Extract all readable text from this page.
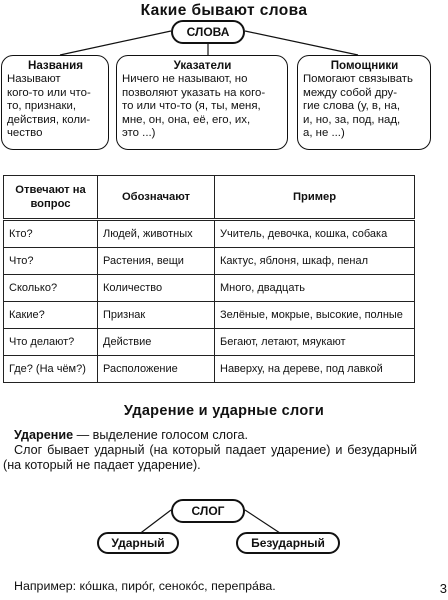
Какие бывают слова
СЛОВА
Названия
Называют
кого-то или что-
то, признаки,
действия, коли-
чество
Указатели
Ничего не называют, но
позволяют указать на кого-
то или что-то (я, ты, меня,
мне, он, она, её, его, их,
это ...)
Помощники
Помогают связывать
между собой дру-
гие слова (у, в, на,
и, но, за, под, над,
а, не ...)
Отвечают на вопрос	Обозначают	Пример
Кто?	Людей, животных	Учитель, девочка, кошка, собака
Что?	Растения, вещи	Кактус, яблоня, шкаф, пенал
Сколько?	Количество	Много, двадцать
Какие?	Признак	Зелёные, мокрые, высокие, полные
Что делают?	Действие	Бегают, летают, мяукают
Где? (На чём?)	Расположение	Наверху, на дереве, под лавкой
Ударение и ударные слоги
Ударение — выделение голосом слога.
Слог бывает ударный (на который падает ударение) и безударный (на который не падает ударение).
СЛОГ
Ударный	Безударный
Например: ко́шка, пиро́г, сеноко́с, перепра́ва.	3
